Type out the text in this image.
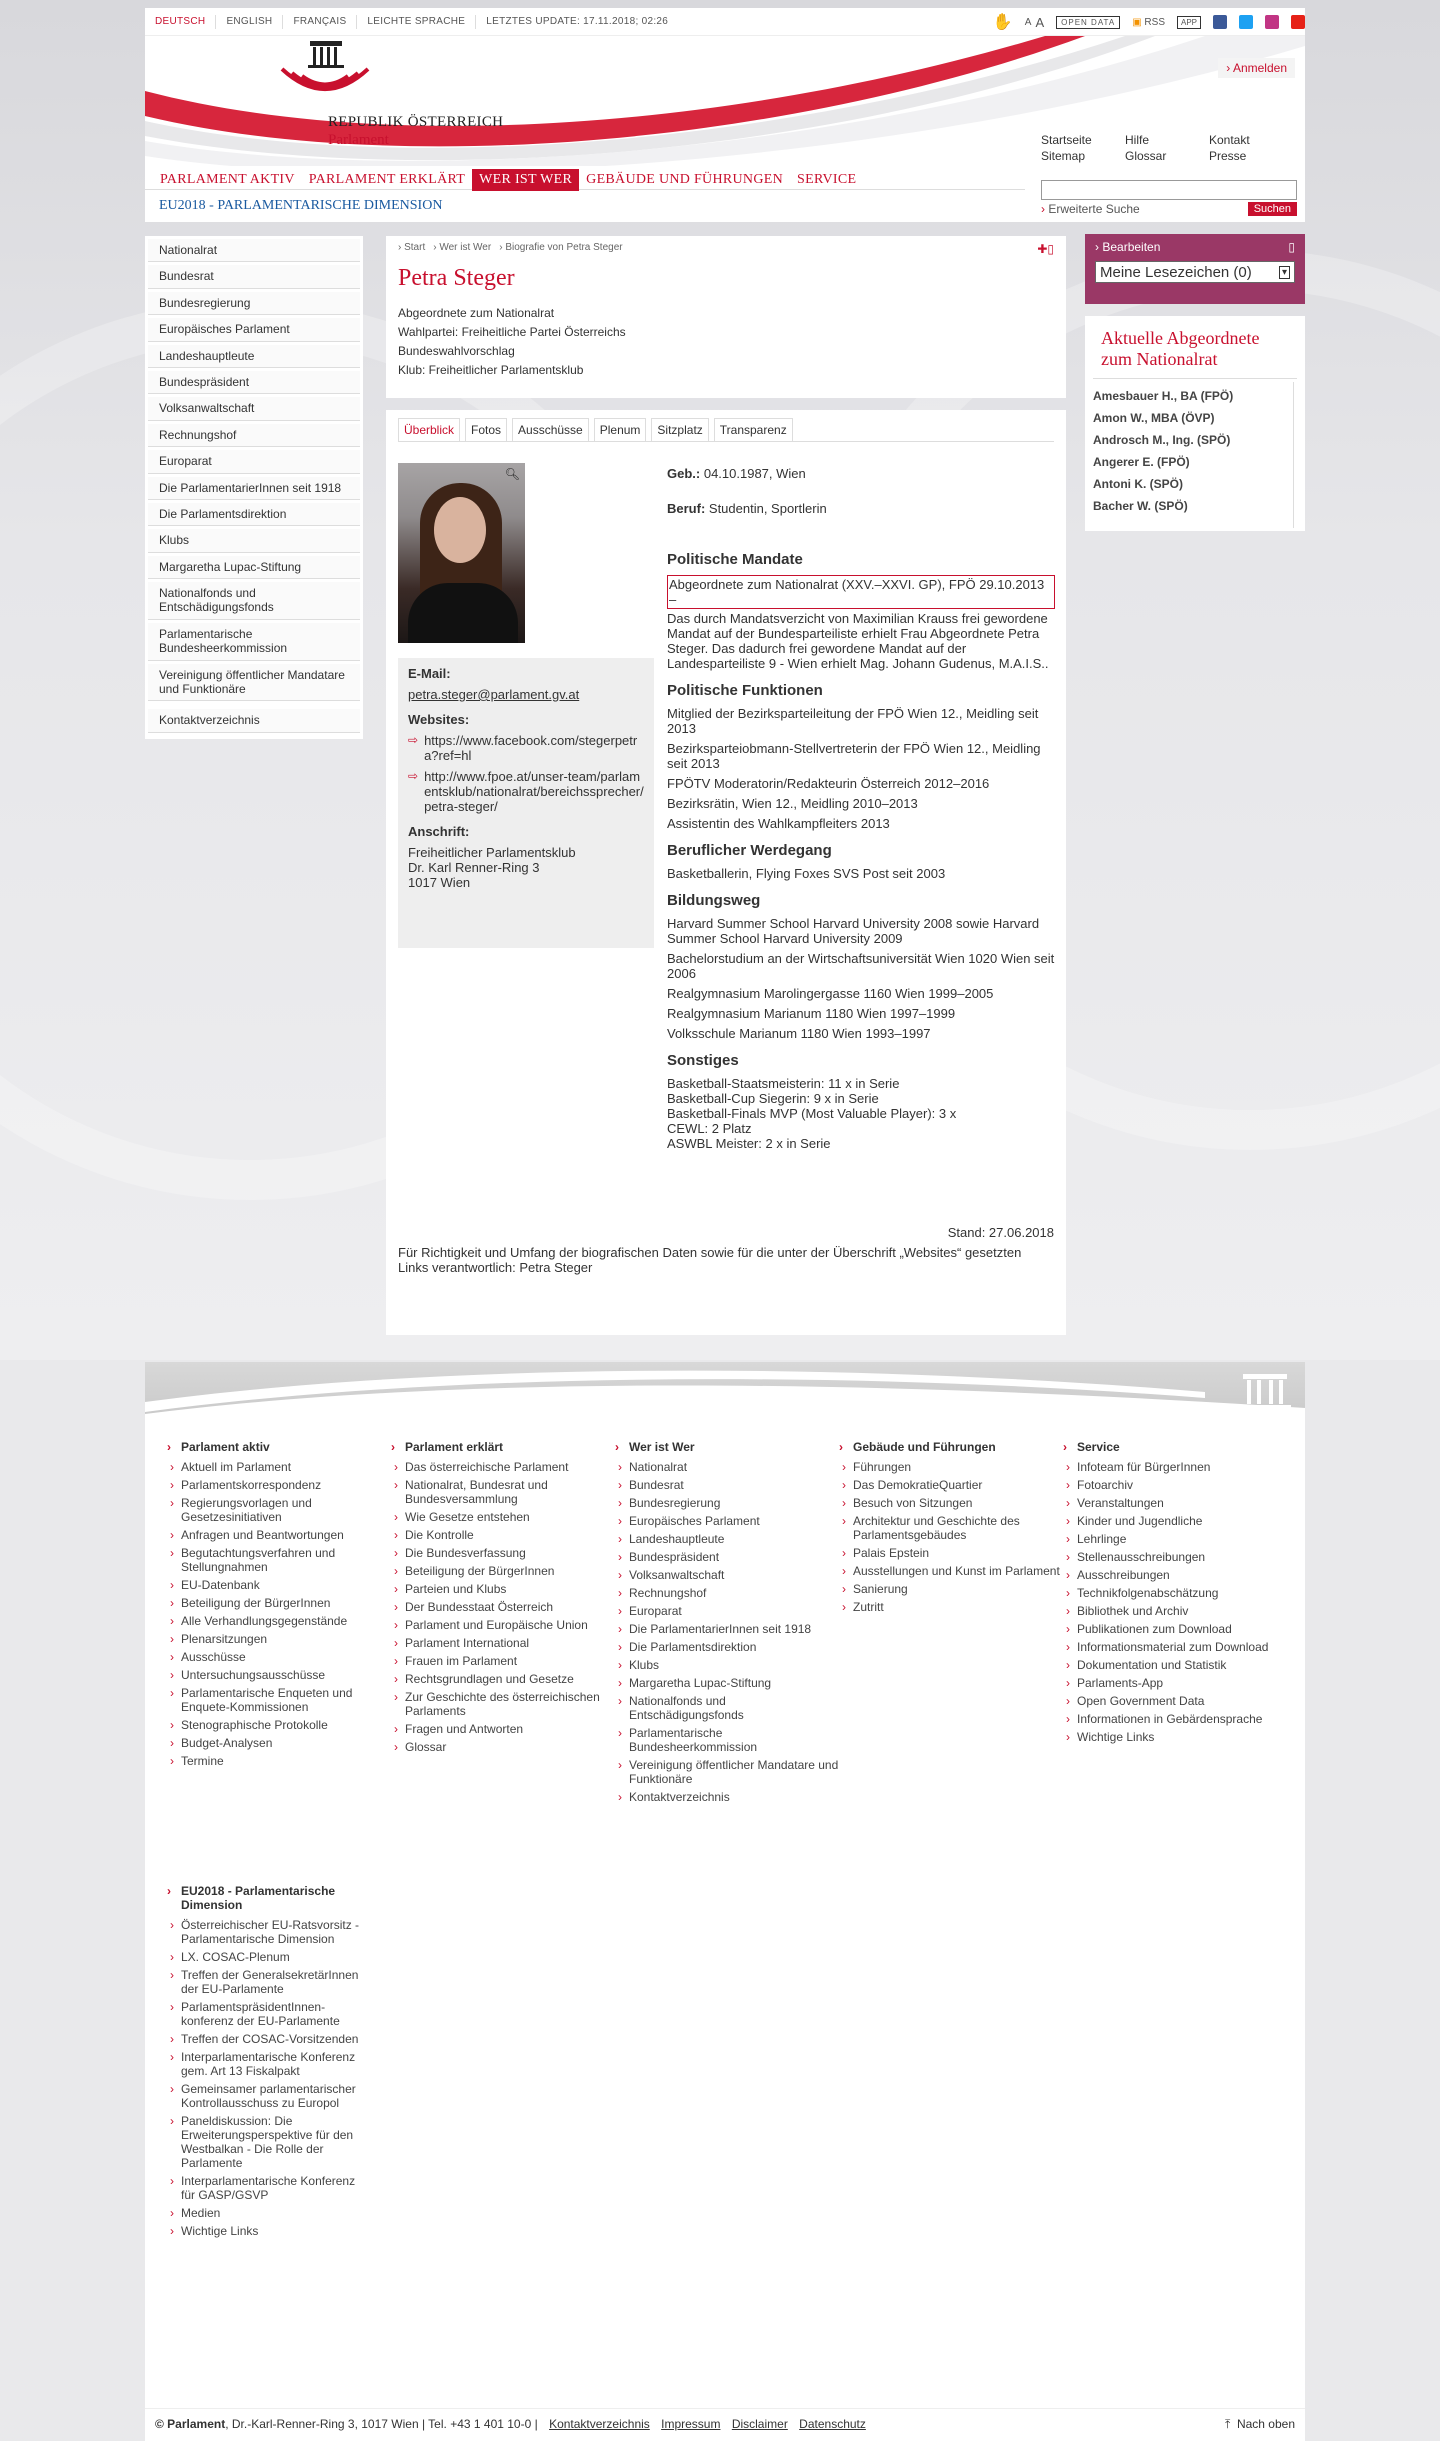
DEUTSCH	ENGLISH	FRANÇAIS	LEICHTE SPRACHE	LETZTES UPDATE: 17.11.2018; 02:26	✋ A A	OPEN DATA	▣ RSS	APP
REPUBLIK ÖSTERREICH
Parlament
› Anmelden
Startseite	Hilfe	Kontakt
Sitemap	Glossar	Presse
PARLAMENT AKTIV	PARLAMENT ERKLÄRT	WER IST WER	GEBÄUDE UND FÜHRUNGEN	SERVICE
EU2018 - PARLAMENTARISCHE DIMENSION	› Erweiterte Suche	Suchen
Nationalrat
Bundesrat
Bundesregierung
Europäisches Parlament
Landeshauptleute
Bundespräsident
Volksanwaltschaft
Rechnungshof
Europarat
Die ParlamentarierInnen seit 1918
Die Parlamentsdirektion
Klubs
Margaretha Lupac-Stiftung
Nationalfonds und Entschädigungsfonds
Parlamentarische Bundesheerkommission
Vereinigung öffentlicher Mandatare und Funktionäre
Kontaktverzeichnis
› Start › Wer ist Wer › Biografie von Petra Steger	✚▯
Petra Steger
Abgeordnete zum Nationalrat
Wahlpartei: Freiheitliche Partei Österreichs
Bundeswahlvorschlag
Klub: Freiheitlicher Parlamentsklub
Überblick	Fotos	Ausschüsse	Plenum	Sitzplatz	Transparenz
🔍︎
E-Mail:
petra.steger@parlament.gv.at
Websites:
⇨ https://www.facebook.com/stegerpetra?ref=hl
⇨ http://www.fpoe.at/unser-team/parlamentsklub/nationalrat/bereichssprecher/petra-steger/
Anschrift:
Freiheitlicher Parlamentsklub
Dr. Karl Renner-Ring 3
1017 Wien

Geb.: 04.10.1987, Wien

Beruf: Studentin, Sportlerin

Politische Mandate
Abgeordnete zum Nationalrat (XXV.–XXVI. GP), FPÖ 29.10.2013 –

Das durch Mandatsverzicht von Maximilian Krauss frei gewordene Mandat auf der Bundesparteiliste erhielt Frau Abgeordnete Petra Steger. Das dadurch frei gewordene Mandat auf der Landesparteiliste 9 - Wien erhielt Mag. Johann Gudenus, M.A.I.S..

Politische Funktionen

Mitglied der Bezirksparteileitung der FPÖ Wien 12., Meidling seit 2013

Bezirksparteiobmann-Stellvertreterin der FPÖ Wien 12., Meidling seit 2013

FPÖTV Moderatorin/Redakteurin Österreich 2012–2016

Bezirksrätin, Wien 12., Meidling 2010–2013

Assistentin des Wahlkampfleiters 2013

Beruflicher Werdegang

Basketballerin, Flying Foxes SVS Post seit 2003

Bildungsweg

Harvard Summer School Harvard University 2008 sowie Harvard Summer School Harvard University 2009

Bachelorstudium an der Wirtschaftsuniversität Wien 1020 Wien seit 2006

Realgymnasium Marolingergasse 1160 Wien 1999–2005

Realgymnasium Marianum 1180 Wien 1997–1999

Volksschule Marianum 1180 Wien 1993–1997

Sonstiges
Basketball-Staatsmeisterin: 11 x in Serie
Basketball-Cup Siegerin: 9 x in Serie
Basketball-Finals MVP (Most Valuable Player): 3 x
CEWL: 2 Platz
ASWBL Meister: 2 x in Serie
Stand: 27.06.2018
Für Richtigkeit und Umfang der biografischen Daten sowie für die unter der Überschrift „Websites“ gesetzten Links verantwortlich: Petra Steger
› Bearbeiten	▯
Meine Lesezeichen (0)	▾
Aktuelle Abgeordnete zum Nationalrat
Amesbauer H., BA (FPÖ)
Amon W., MBA (ÖVP)
Androsch M., Ing. (SPÖ)
Angerer E. (FPÖ)
Antoni K. (SPÖ)
Bacher W. (SPÖ)
› Parlament aktiv
› Aktuell im Parlament
› Parlamentskorrespondenz
› Regierungsvorlagen und Gesetzesinitiativen
› Anfragen und Beantwortungen
› Begutachtungsverfahren und Stellungnahmen
› EU-Datenbank
› Beteiligung der BürgerInnen
› Alle Verhandlungsgegenstände
› Plenarsitzungen
› Ausschüsse
› Untersuchungsausschüsse
› Parlamentarische Enqueten und Enquete-Kommissionen
› Stenographische Protokolle
› Budget-Analysen
› Termine
› Parlament erklärt
› Das österreichische Parlament
› Nationalrat, Bundesrat und Bundesversammlung
› Wie Gesetze entstehen
› Die Kontrolle
› Die Bundesverfassung
› Beteiligung der BürgerInnen
› Parteien und Klubs
› Der Bundesstaat Österreich
› Parlament und Europäische Union
› Parlament International
› Frauen im Parlament
› Rechtsgrundlagen und Gesetze
› Zur Geschichte des österreichischen Parlaments
› Fragen und Antworten
› Glossar
› Wer ist Wer
› Nationalrat
› Bundesrat
› Bundesregierung
› Europäisches Parlament
› Landeshauptleute
› Bundespräsident
› Volksanwaltschaft
› Rechnungshof
› Europarat
› Die ParlamentarierInnen seit 1918
› Die Parlamentsdirektion
› Klubs
› Margaretha Lupac-Stiftung
› Nationalfonds und Entschädigungsfonds
› Parlamentarische Bundesheerkommission
› Vereinigung öffentlicher Mandatare und Funktionäre
› Kontaktverzeichnis
› Gebäude und Führungen
› Führungen
› Das DemokratieQuartier
› Besuch von Sitzungen
› Architektur und Geschichte des Parlamentsgebäudes
› Palais Epstein
› Ausstellungen und Kunst im Parlament
› Sanierung
› Zutritt
› Service
› Infoteam für BürgerInnen
› Fotoarchiv
› Veranstaltungen
› Kinder und Jugendliche
› Lehrlinge
› Stellenausschreibungen
› Ausschreibungen
› Technikfolgenabschätzung
› Bibliothek und Archiv
› Publikationen zum Download
› Informationsmaterial zum Download
› Dokumentation und Statistik
› Parlaments-App
› Open Government Data
› Informationen in Gebärdensprache
› Wichtige Links
› EU2018 - Parlamentarische Dimension
› Österreichischer EU-Ratsvorsitz - Parlamentarische Dimension
› LX. COSAC-Plenum
› Treffen der GeneralsekretärInnen der EU-Parlamente
› ParlamentspräsidentInnen-konferenz der EU-Parlamente
› Treffen der COSAC-Vorsitzenden
› Interparlamentarische Konferenz gem. Art 13 Fiskalpakt
› Gemeinsamer parlamentarischer Kontrollausschuss zu Europol
› Paneldiskussion: Die Erweiterungsperspektive für den Westbalkan - Die Rolle der Parlamente
› Interparlamentarische Konferenz für GASP/GSVP
› Medien
› Wichtige Links
© Parlament, Dr.-Karl-Renner-Ring 3, 1017 Wien | Tel. +43 1 401 10-0 | Kontaktverzeichnis Impressum Disclaimer Datenschutz	⤒ Nach oben
